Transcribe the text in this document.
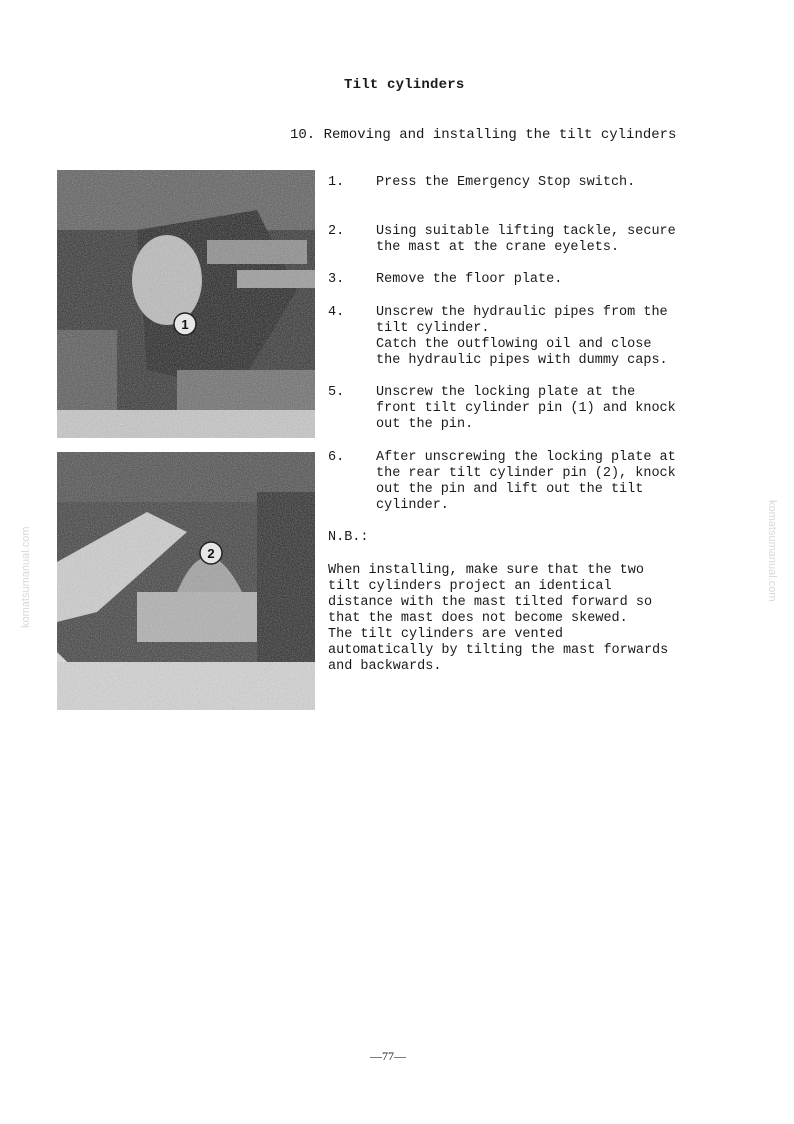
Tilt cylinders
10. Removing and installing the tilt cylinders
1
2
1. Press the Emergency Stop switch.
2. Using suitable lifting tackle, secure
the mast at the crane eyelets.
3. Remove the floor plate.
4. Unscrew the hydraulic pipes from the
tilt cylinder.
Catch the outflowing oil and close
the hydraulic pipes with dummy caps.
5. Unscrew the locking plate at the
front tilt cylinder pin (1) and knock
out the pin.
6. After unscrewing the locking plate at
the rear tilt cylinder pin (2), knock
out the pin and lift out the tilt
cylinder.
N.B.:
When installing, make sure that the two
tilt cylinders project an identical
distance with the mast tilted forward so
that the mast does not become skewed.
The tilt cylinders are vented
automatically by tilting the mast forwards
and backwards.
komatsumanual.com	komatsumanual.com
—77—
